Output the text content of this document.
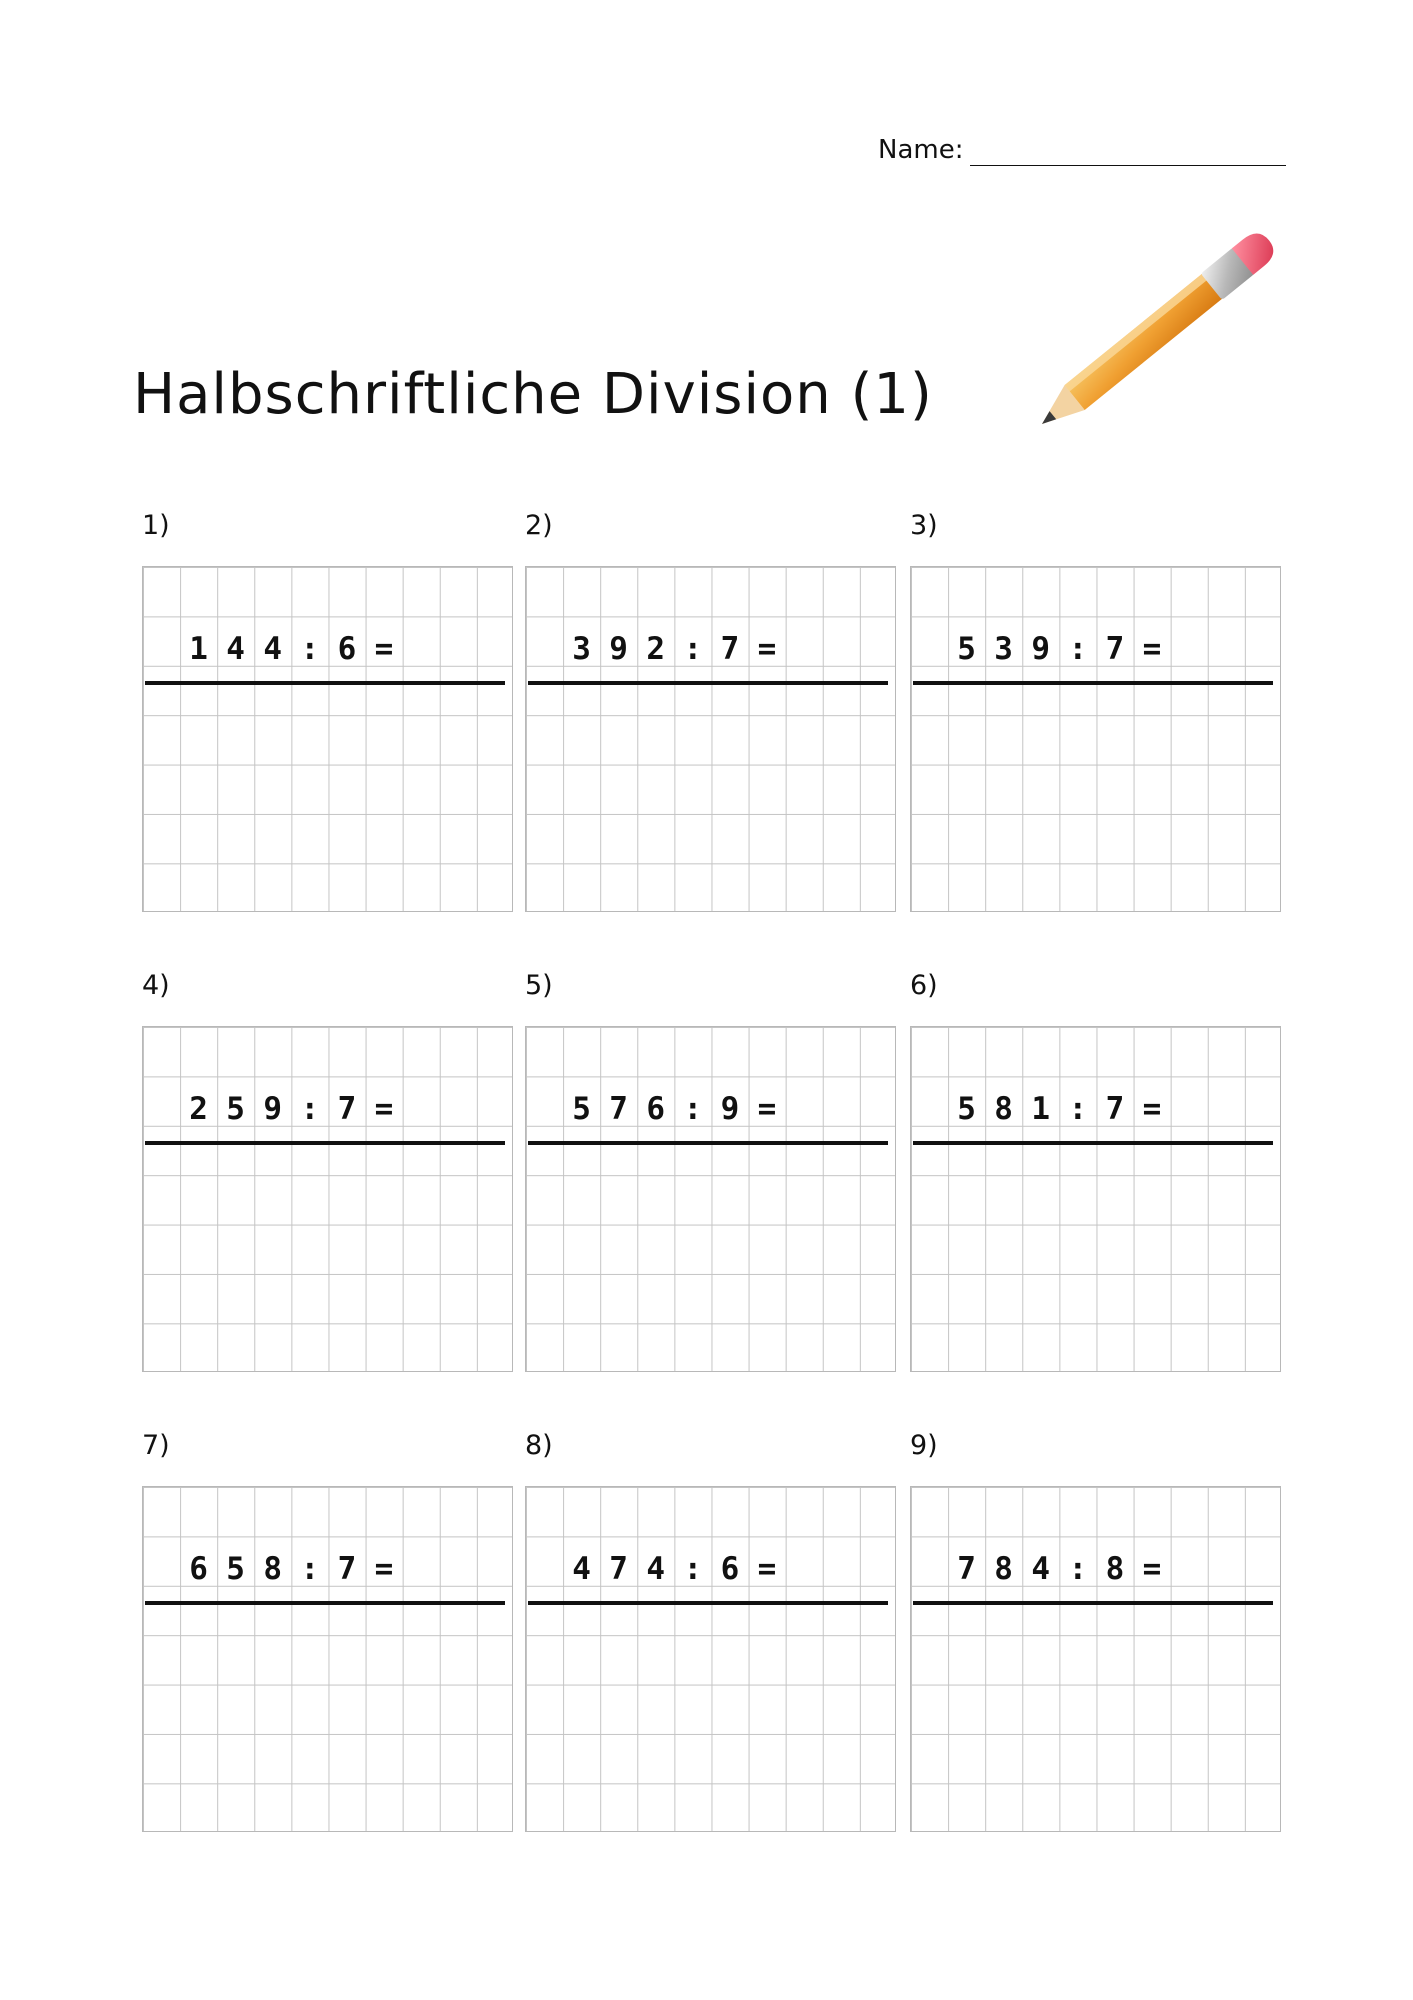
Name:
Halbschriftliche Division (1)
1)
1 4 4 : 6 =
2)
3 9 2 : 7 =
3)
5 3 9 : 7 =
4)
2 5 9 : 7 =
5)
5 7 6 : 9 =
6)
5 8 1 : 7 =
7)
6 5 8 : 7 =
8)
4 7 4 : 6 =
9)
7 8 4 : 8 =
